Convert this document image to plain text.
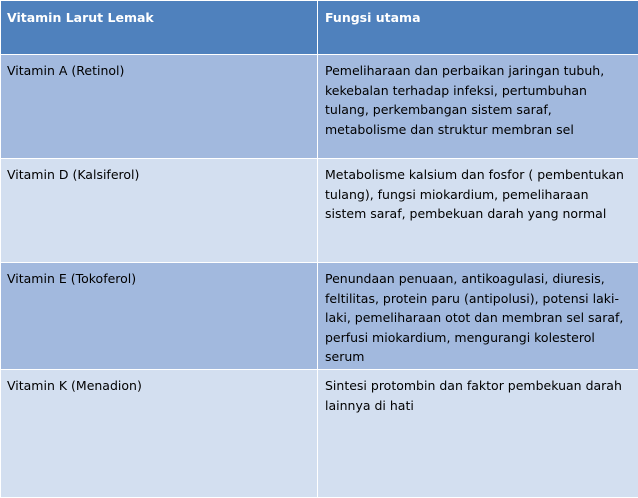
Vitamin Larut Lemak	Fungsi utama
Vitamin A (Retinol)	Pemeliharaan dan perbaikan jaringan tubuh, kekebalan terhadap infeksi, pertumbuhan tulang, perkembangan sistem saraf, metabolisme dan struktur membran sel
Vitamin D (Kalsiferol)	Metabolisme kalsium dan fosfor ( pembentukan tulang), fungsi miokardium, pemeliharaan sistem saraf, pembekuan darah yang normal
Vitamin E (Tokoferol)	Penundaan penuaan, antikoagulasi, diuresis, feltilitas, protein paru (antipolusi), potensi laki-laki, pemeliharaan otot dan membran sel saraf, perfusi miokardium, mengurangi kolesterol serum
Vitamin K (Menadion)	Sintesi protombin dan faktor pembekuan darah lainnya di hati
